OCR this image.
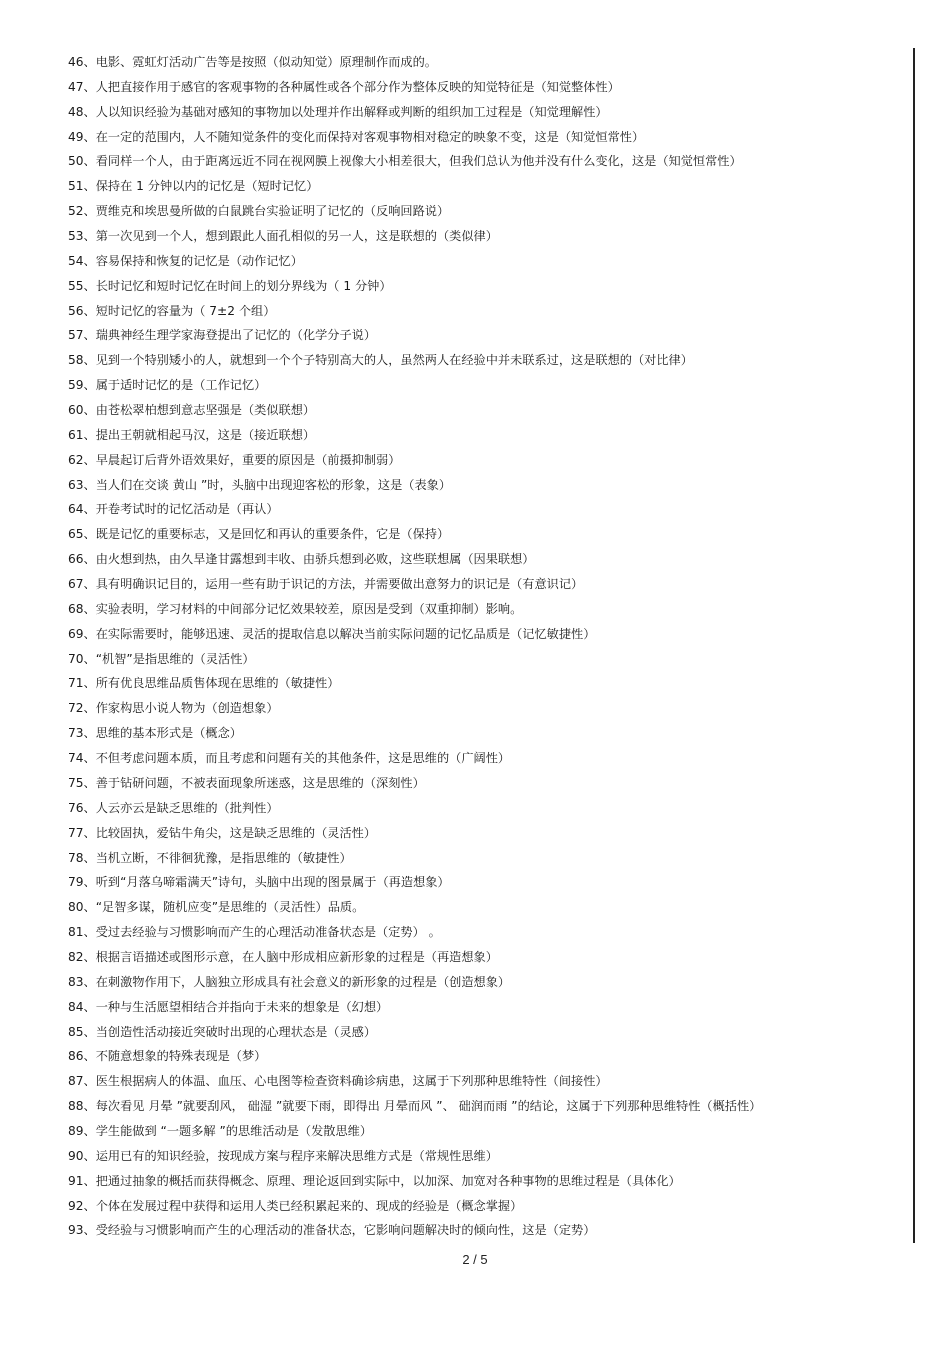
46、电影、霓虹灯活动广告等是按照（似动知觉）原理制作而成的。
47、人把直接作用于感官的客观事物的各种属性或各个部分作为整体反映的知觉特征是（知觉整体性）
48、人以知识经验为基础对感知的事物加以处理并作出解释或判断的组织加工过程是（知觉理解性）
49、在一定的范围内，人不随知觉条件的变化而保持对客观事物相对稳定的映象不变，这是（知觉恒常性）
50、看同样一个人，由于距离远近不同在视网膜上视像大小相差很大，但我们总认为他并没有什么变化，这是（知觉恒常性）
51、保持在 1 分钟以内的记忆是（短时记忆）
52、贾维克和埃思曼所做的白鼠跳台实验证明了记忆的（反响回路说）
53、第一次见到一个人，想到跟此人面孔相似的另一人，这是联想的（类似律）
54、容易保持和恢复的记忆是（动作记忆）
55、长时记忆和短时记忆在时间上的划分界线为（ 1 分钟）
56、短时记忆的容量为（ 7±2 个组）
57、瑞典神经生理学家海登提出了记忆的（化学分子说）
58、见到一个特别矮小的人，就想到一个个子特别高大的人，虽然两人在经验中并未联系过，这是联想的（对比律）
59、属于适时记忆的是（工作记忆）
60、由苍松翠柏想到意志坚强是（类似联想）
61、提出王朝就相起马汉，这是（接近联想）
62、早晨起订后背外语效果好，重要的原因是（前摄抑制弱）
63、当人们在交谈 黄山 ”时，头脑中出现迎客松的形象，这是（表象）
64、开卷考试时的记忆活动是（再认）
65、既是记忆的重要标志，又是回忆和再认的重要条件，它是（保持）
66、由火想到热，由久旱逢甘露想到丰收、由骄兵想到必败，这些联想属（因果联想）
67、具有明确识记目的，运用一些有助于识记的方法，并需要做出意努力的识记是（有意识记）
68、实验表明，学习材料的中间部分记忆效果较差，原因是受到（双重抑制）影响。
69、在实际需要时，能够迅速、灵活的提取信息以解决当前实际问题的记忆品质是（记忆敏捷性）
70、“机智”是指思维的（灵活性）
71、所有优良思维品质售体现在思维的（敏捷性）
72、作家构思小说人物为（创造想象）
73、思维的基本形式是（概念）
74、不但考虑问题本质，而且考虑和问题有关的其他条件，这是思维的（广阔性）
75、善于钻研问题，不被表面现象所迷惑，这是思维的（深刻性）
76、人云亦云是缺乏思维的（批判性）
77、比较固执，爱钻牛角尖，这是缺乏思维的（灵活性）
78、当机立断，不徘徊犹豫，是指思维的（敏捷性）
79、听到“月落乌啼霜满天”诗句，头脑中出现的图景属于（再造想象）
80、“足智多谋，随机应变”是思维的（灵活性）品质。
81、受过去经验与习惯影响而产生的心理活动准备状态是（定势） 。
82、根据言语描述或图形示意，在人脑中形成相应新形象的过程是（再造想象）
83、在刺激物作用下，人脑独立形成具有社会意义的新形象的过程是（创造想象）
84、一种与生活愿望相结合并指向于未来的想象是（幻想）
85、当创造性活动接近突破时出现的心理状态是（灵感）
86、不随意想象的特殊表现是（梦）
87、医生根据病人的体温、血压、心电图等检查资料确诊病患，这属于下列那种思维特性（间接性）
88、每次看见 月晕 ”就要刮风， 础湿 ”就要下雨，即得出 月晕而风 ”、 础润而雨 ”的结论，这属于下列那种思维特性（概括性）
89、学生能做到 “一题多解 ”的思维活动是（发散思维）
90、运用已有的知识经验，按现成方案与程序来解决思维方式是（常规性思维）
91、把通过抽象的概括而获得概念、原理、理论返回到实际中，以加深、加宽对各种事物的思维过程是（具体化）
92、个体在发展过程中获得和运用人类已经积累起来的、现成的经验是（概念掌握）
93、受经验与习惯影响而产生的心理活动的准备状态，它影响问题解决时的倾向性，这是（定势）
2 / 5
